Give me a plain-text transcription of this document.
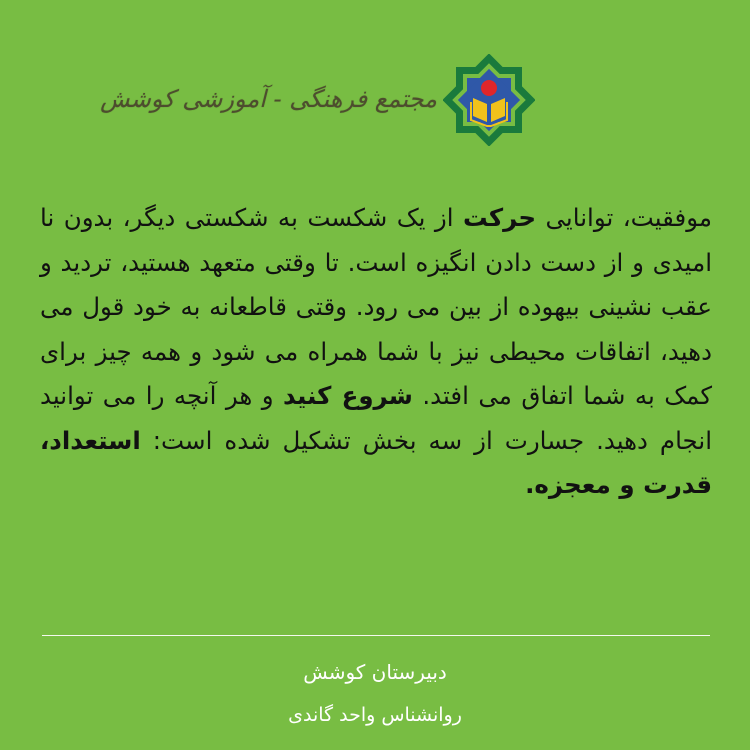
مجتمع فرهنگی - آموزشی کوشش
موفقیت، توانایی حرکت از یک شکست به شکستی دیگر، بدون نا امیدی و از دست دادن انگیزه است. تا وقتی متعهد هستید، تردید و عقب نشینی بیهوده از بین می رود. وقتی قاطعانه به خود قول می دهید، اتفاقات محیطی نیز با شما همراه می شود و همه چیز برای کمک به شما اتفاق می افتد. شروع کنید و هر آنچه را می توانید انجام دهید. جسارت از سه بخش تشکیل شده است: استعداد، قدرت و معجزه.
دبیرستان کوشش
روانشناس واحد گاندی
